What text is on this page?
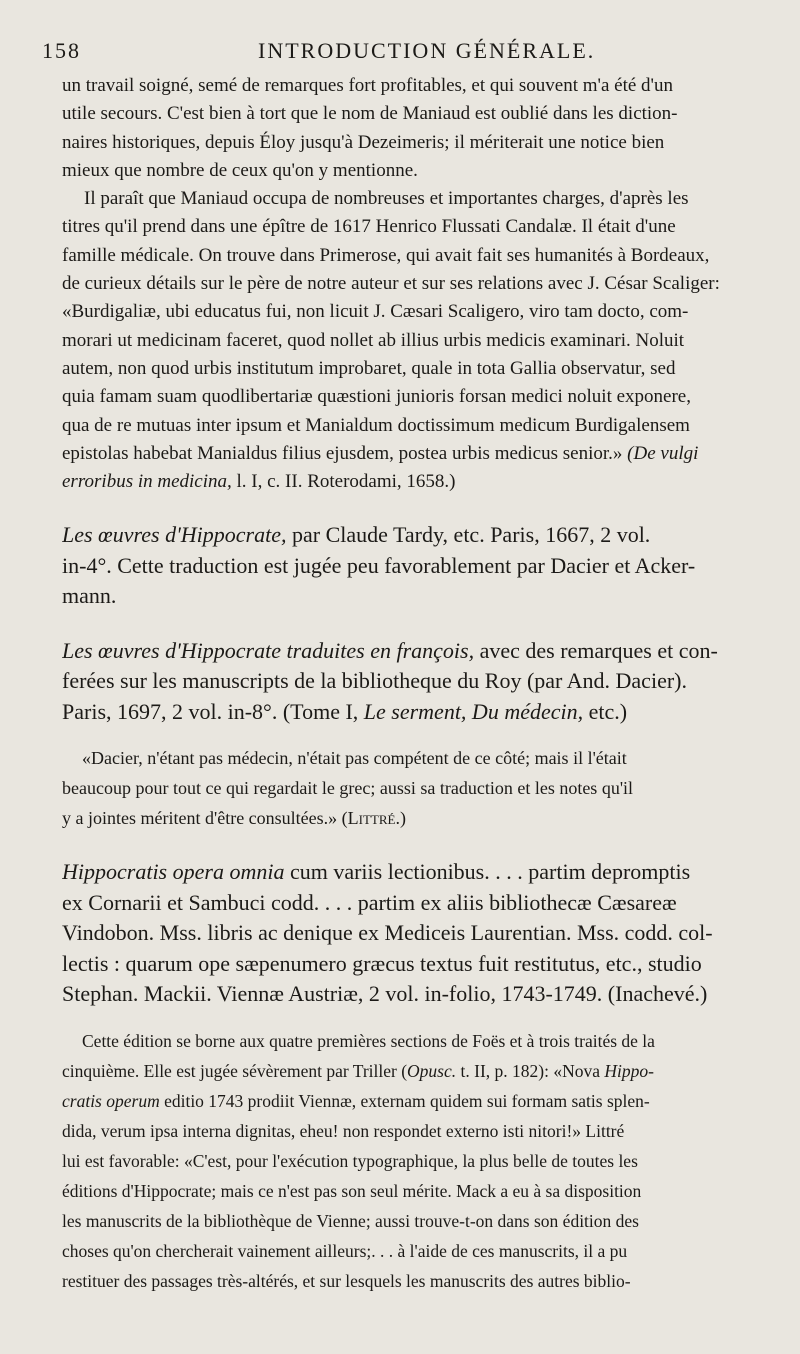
158	INTRODUCTION GÉNÉRALE.
un travail soigné, semé de remarques fort profitables, et qui souvent m'a été d'un
utile secours. C'est bien à tort que le nom de Maniaud est oublié dans les diction-
naires historiques, depuis Éloy jusqu'à Dezeimeris; il mériterait une notice bien
mieux que nombre de ceux qu'on y mentionne.
Il paraît que Maniaud occupa de nombreuses et importantes charges, d'après les
titres qu'il prend dans une épître de 1617 Henrico Flussati Candalæ. Il était d'une
famille médicale. On trouve dans Primerose, qui avait fait ses humanités à Bordeaux,
de curieux détails sur le père de notre auteur et sur ses relations avec J. César Scaliger:
«Burdigaliæ, ubi educatus fui, non licuit J. Cæsari Scaligero, viro tam docto, com-
morari ut medicinam faceret, quod nollet ab illius urbis medicis examinari. Noluit
autem, non quod urbis institutum improbaret, quale in tota Gallia observatur, sed
quia famam suam quodlibertariæ quæstioni junioris forsan medici noluit exponere,
qua de re mutuas inter ipsum et Manialdum doctissimum medicum Burdigalensem
epistolas habebat Manialdus filius ejusdem, postea urbis medicus senior.» (De vulgi
erroribus in medicina, l. I, c. II. Roterodami, 1658.)
Les œuvres d'Hippocrate, par Claude Tardy, etc. Paris, 1667, 2 vol.
in-4°. Cette traduction est jugée peu favorablement par Dacier et Acker-
mann.
Les œuvres d'Hippocrate traduites en françois, avec des remarques et con-
ferées sur les manuscripts de la bibliotheque du Roy (par And. Dacier).
Paris, 1697, 2 vol. in-8°. (Tome I, Le serment, Du médecin, etc.)
«Dacier, n'étant pas médecin, n'était pas compétent de ce côté; mais il l'était
beaucoup pour tout ce qui regardait le grec; aussi sa traduction et les notes qu'il
y a jointes méritent d'être consultées.» (Littré.)
Hippocratis opera omnia cum variis lectionibus. . . . partim depromptis
ex Cornarii et Sambuci codd. . . . partim ex aliis bibliothecæ Cæsareæ
Vindobon. Mss. libris ac denique ex Mediceis Laurentian. Mss. codd. col-
lectis : quarum ope sæpenumero græcus textus fuit restitutus, etc., studio
Stephan. Mackii. Viennæ Austriæ, 2 vol. in-folio, 1743-1749. (Inachevé.)
Cette édition se borne aux quatre premières sections de Foës et à trois traités de la
cinquième. Elle est jugée sévèrement par Triller (Opusc. t. II, p. 182): «Nova Hippo-
cratis operum editio 1743 prodiit Viennæ, externam quidem sui formam satis splen-
dida, verum ipsa interna dignitas, eheu! non respondet externo isti nitori!» Littré
lui est favorable: «C'est, pour l'exécution typographique, la plus belle de toutes les
éditions d'Hippocrate; mais ce n'est pas son seul mérite. Mack a eu à sa disposition
les manuscrits de la bibliothèque de Vienne; aussi trouve-t-on dans son édition des
choses qu'on chercherait vainement ailleurs;. . . à l'aide de ces manuscrits, il a pu
restituer des passages très-altérés, et sur lesquels les manuscrits des autres biblio-
